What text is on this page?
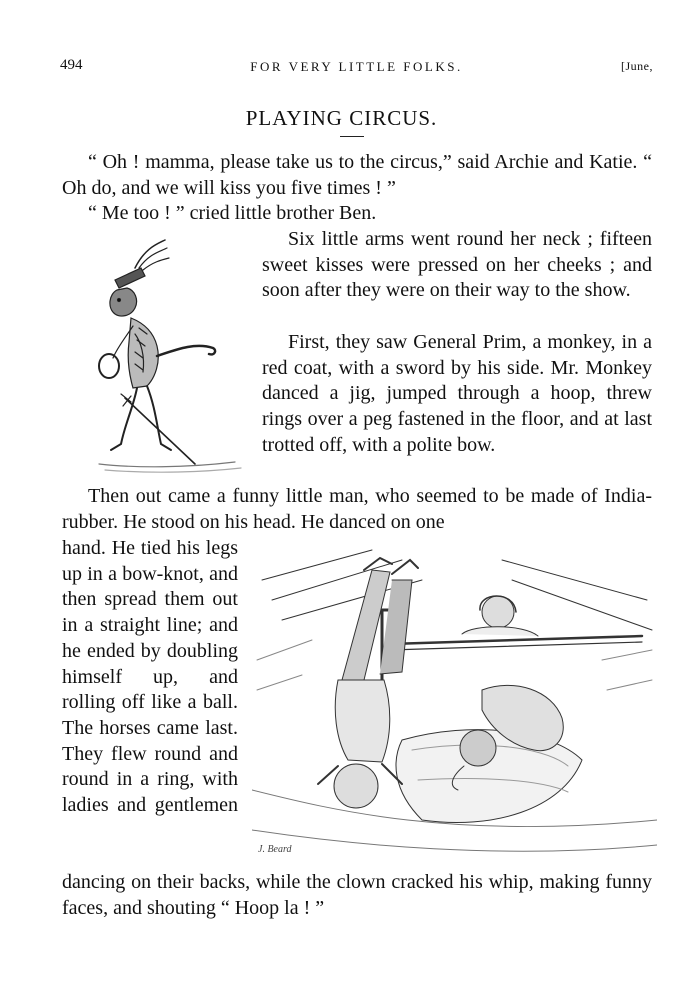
494	FOR VERY LITTLE FOLKS.	[June,
PLAYING CIRCUS.

“ Oh ! mamma, please take us to the circus,” said Archie and Katie. “ Oh do, and we will kiss you five times ! ”

“ Me too ! ” cried little brother Ben.

Six little arms went round her neck ; fifteen sweet kisses were pressed on her cheeks ; and soon after they were on their way to the show.

First, they saw General Prim, a monkey, in a red coat, with a sword by his side. Mr. Monkey danced a jig, jumped through a hoop, threw rings over a peg fastened in the floor, and at last trotted off, with a polite bow.

Then out came a funny little man, who seemed to be made of India-rubber. He stood on his head. He danced on one

hand. He tied his legs up in a bow-knot, and then spread them out in a straight line; and he ended by doubling himself up, and rolling off like a ball. The horses came last. They flew round and round in a ring, with ladies and gentlemen

dancing on their backs, while the clown cracked his whip, making funny faces, and shouting “ Hoop la ! ”

J. Beard
